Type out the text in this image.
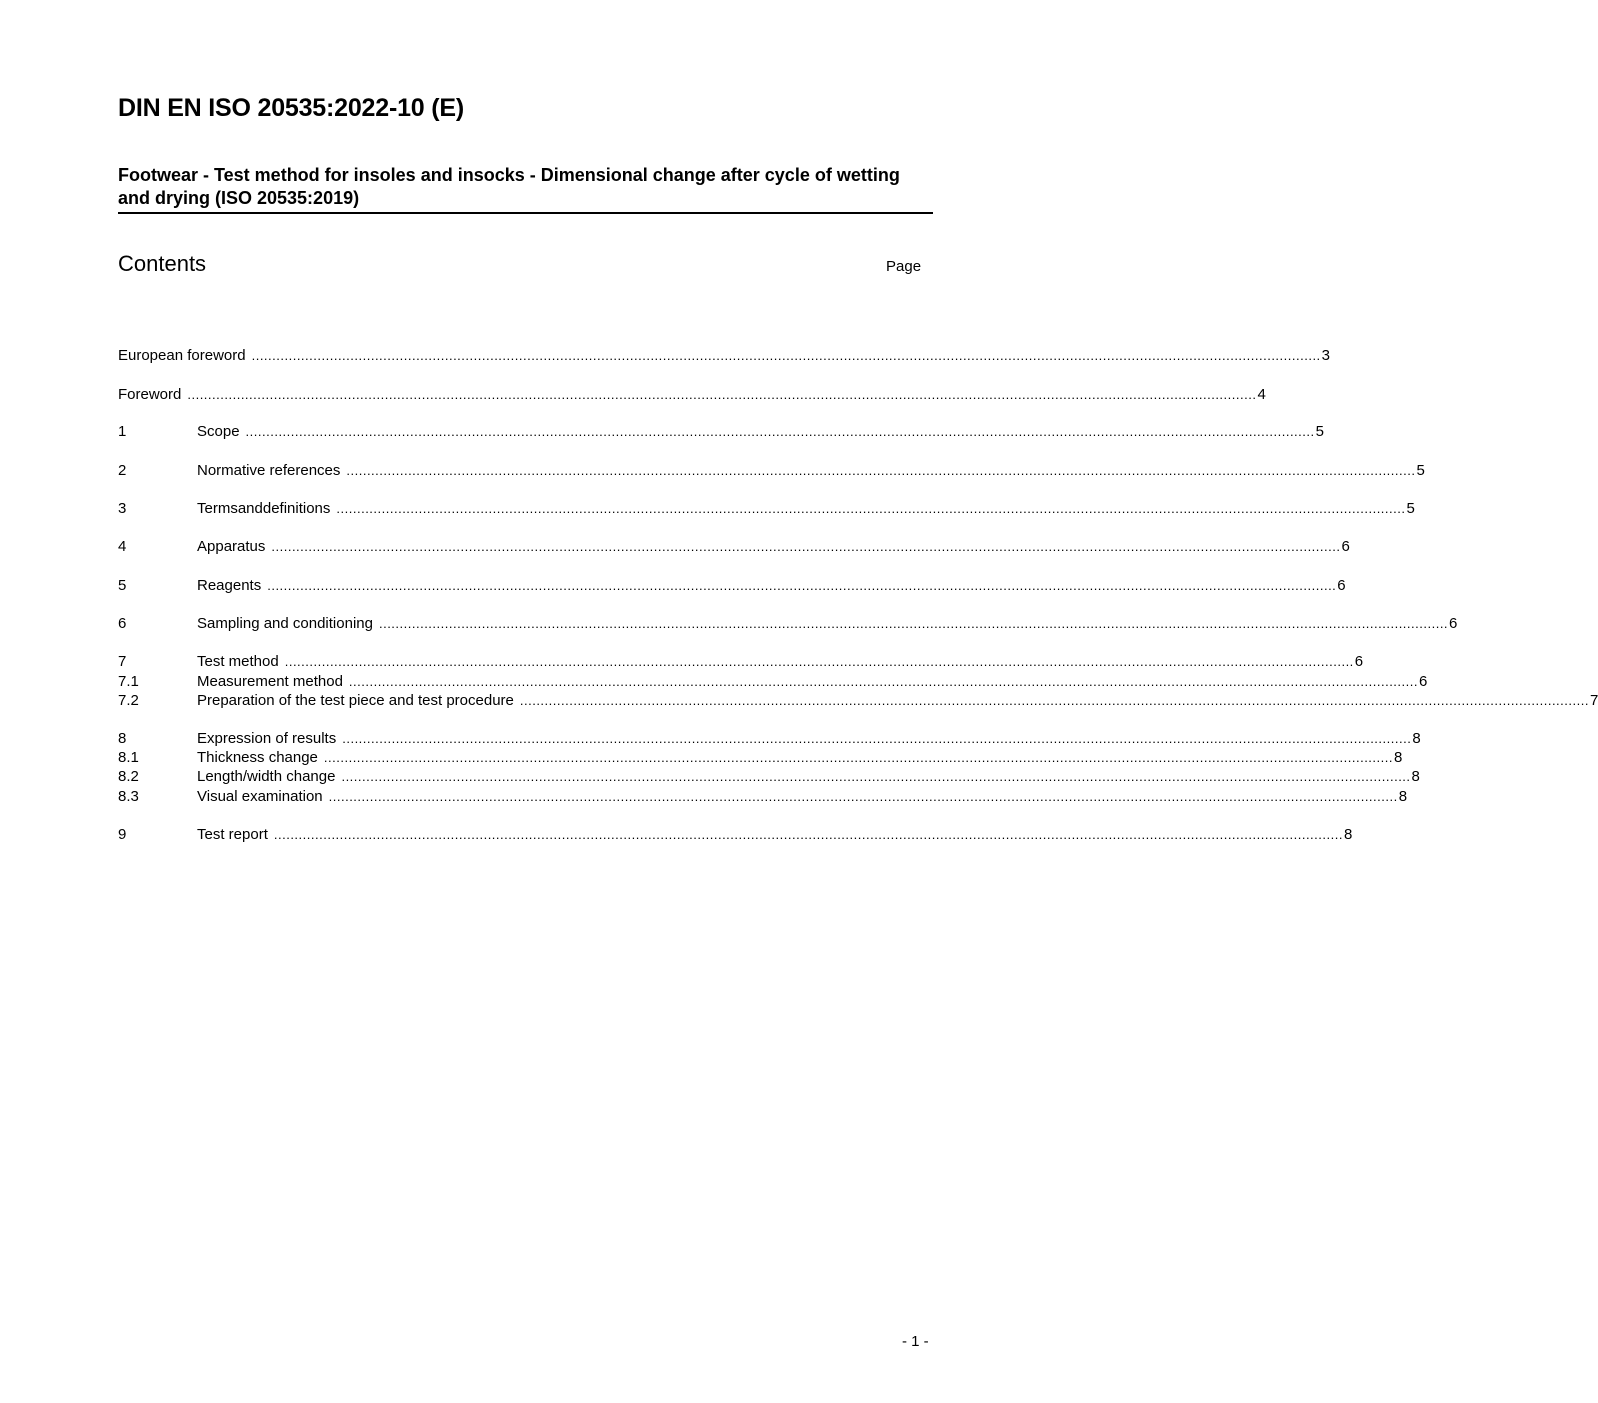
DIN EN ISO 20535:2022-10 (E)
Footwear - Test method for insoles and insocks - Dimensional change after cycle of wetting and drying (ISO 20535:2019)
Contents	Page
European foreword .................................................................................................................................................................................................................................................................... 3
Foreword .................................................................................................................................................................................................................................................................... 4
1	Scope .................................................................................................................................................................................................................................................................... 5
2	Normative references .................................................................................................................................................................................................................................................................... 5
3	Termsanddefinitions .................................................................................................................................................................................................................................................................... 5
4	Apparatus .................................................................................................................................................................................................................................................................... 6
5	Reagents .................................................................................................................................................................................................................................................................... 6
6	Sampling and conditioning .................................................................................................................................................................................................................................................................... 6
7	Test method .................................................................................................................................................................................................................................................................... 6
7.1	Measurement method .................................................................................................................................................................................................................................................................... 6
7.2	Preparation of the test piece and test procedure .................................................................................................................................................................................................................................................................... 7
8	Expression of results .................................................................................................................................................................................................................................................................... 8
8.1	Thickness change .................................................................................................................................................................................................................................................................... 8
8.2	Length/width change .................................................................................................................................................................................................................................................................... 8
8.3	Visual examination .................................................................................................................................................................................................................................................................... 8
9	Test report .................................................................................................................................................................................................................................................................... 8
- 1 -
